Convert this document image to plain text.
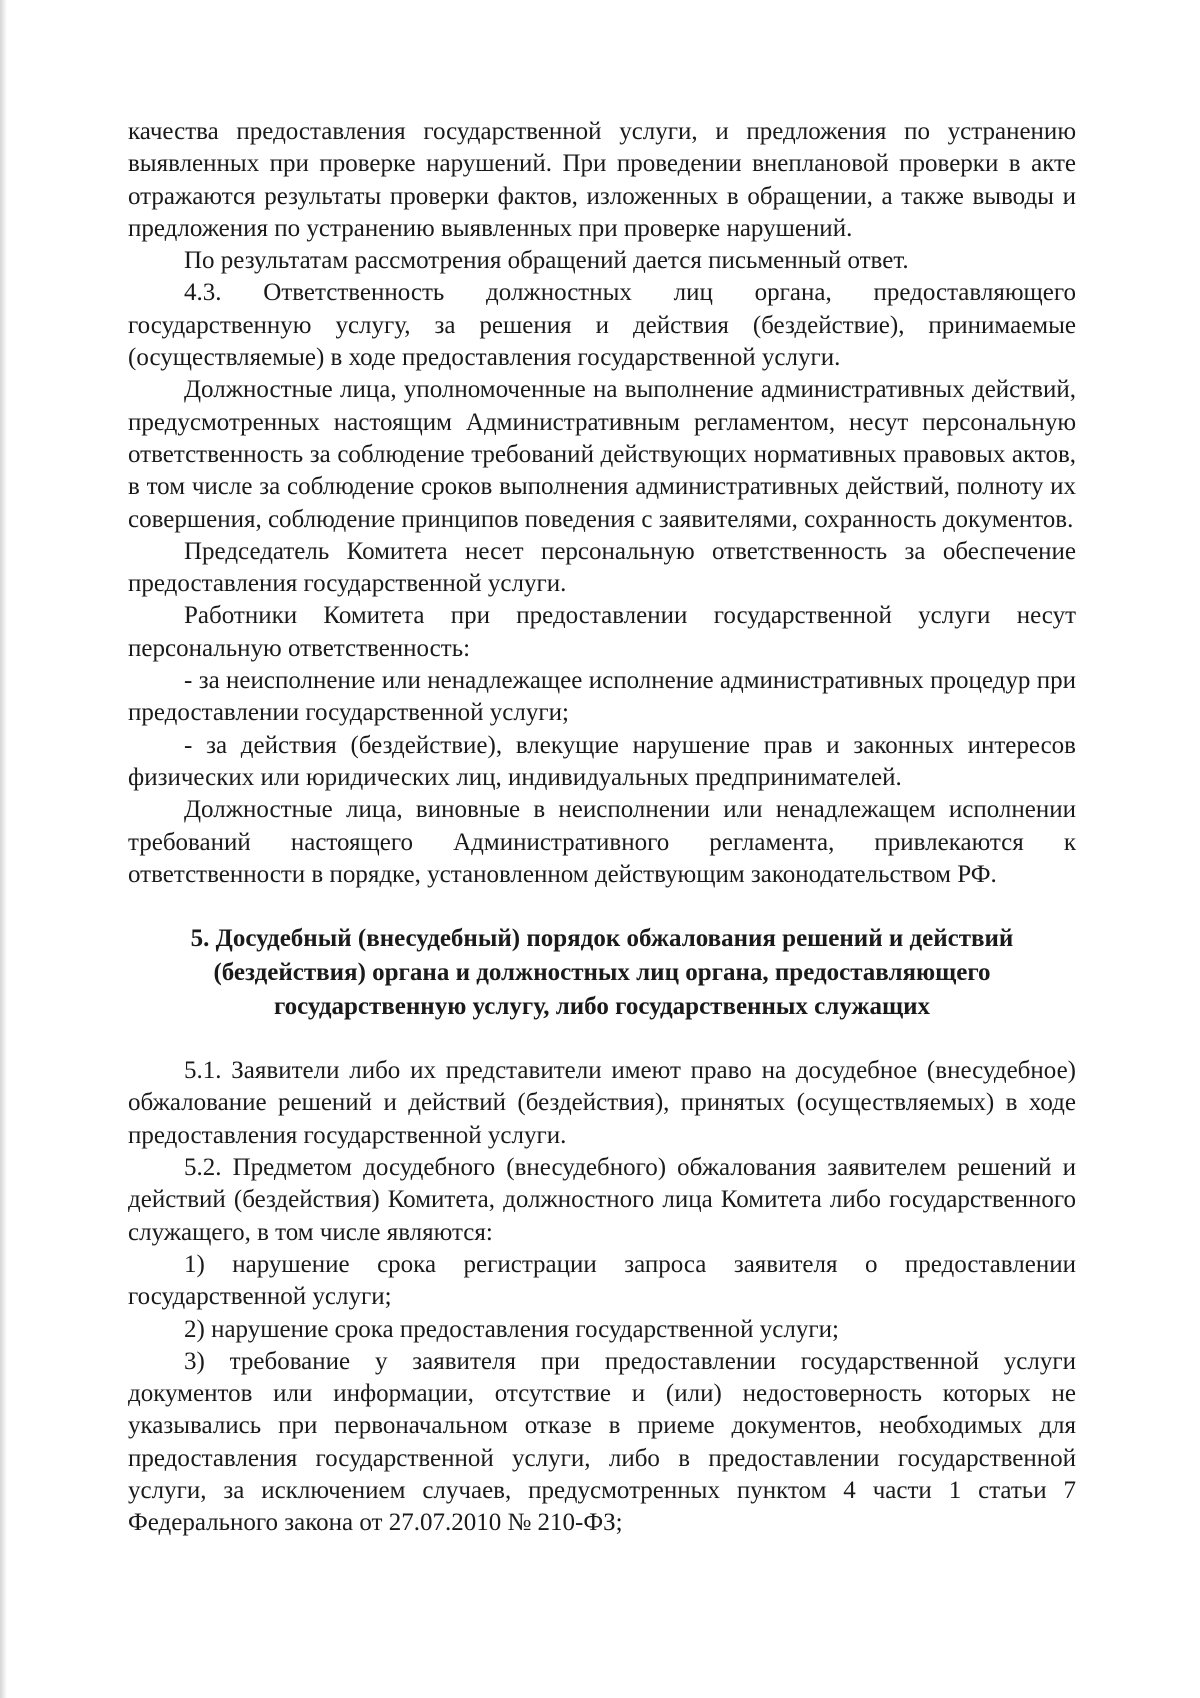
качества предоставления государственной услуги, и предложения по устранению выявленных при проверке нарушений. При проведении внеплановой проверки в акте отражаются результаты проверки фактов, изложенных в обращении, а также выводы и предложения по устранению выявленных при проверке нарушений.

По результатам рассмотрения обращений дается письменный ответ.

4.3. Ответственность должностных лиц органа, предоставляющего государственную услугу, за решения и действия (бездействие), принимаемые (осуществляемые) в ходе предоставления государственной услуги.

Должностные лица, уполномоченные на выполнение административных действий, предусмотренных настоящим Административным регламентом, несут персональную ответственность за соблюдение требований действующих нормативных правовых актов, в том числе за соблюдение сроков выполнения административных действий, полноту их совершения, соблюдение принципов поведения с заявителями, сохранность документов.

Председатель Комитета несет персональную ответственность за обеспечение предоставления государственной услуги.

Работники Комитета при предоставлении государственной услуги несут персональную ответственность:

- за неисполнение или ненадлежащее исполнение административных процедур при предоставлении государственной услуги;

- за действия (бездействие), влекущие нарушение прав и законных интересов физических или юридических лиц, индивидуальных предпринимателей.

Должностные лица, виновные в неисполнении или ненадлежащем исполнении требований настоящего Административного регламента, привлекаются к ответственности в порядке, установленном действующим законодательством РФ.

5. Досудебный (внесудебный) порядок обжалования решений и действий (бездействия) органа и должностных лиц органа, предоставляющего государственную услугу, либо государственных служащих

5.1. Заявители либо их представители имеют право на досудебное (внесудебное) обжалование решений и действий (бездействия), принятых (осуществляемых) в ходе предоставления государственной услуги.

5.2. Предметом досудебного (внесудебного) обжалования заявителем решений и действий (бездействия) Комитета, должностного лица Комитета либо государственного служащего, в том числе являются:

1) нарушение срока регистрации запроса заявителя о предоставлении государственной услуги;

2) нарушение срока предоставления государственной услуги;

3) требование у заявителя при предоставлении государственной услуги документов или информации, отсутствие и (или) недостоверность которых не указывались при первоначальном отказе в приеме документов, необходимых для предоставления государственной услуги, либо в предоставлении государственной услуги, за исключением случаев, предусмотренных пунктом 4 части 1 статьи 7 Федерального закона от 27.07.2010 № 210-ФЗ;
